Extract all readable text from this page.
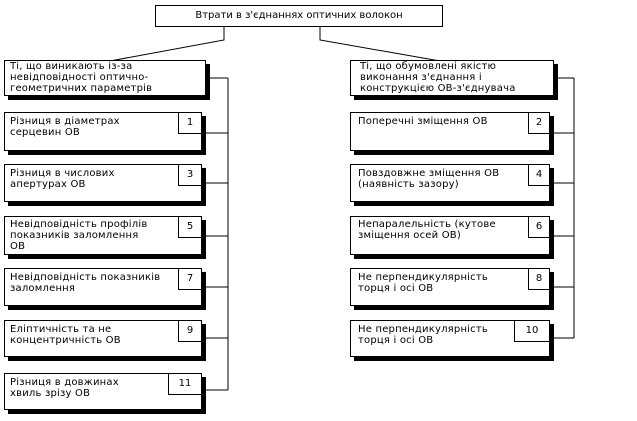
Втрати в з'єднаннях оптичних волокон
Ті, що виникають із-за
невідповідності оптично-
геометричних параметрів
Ті, що обумовлені якістю
виконання з'єднання і
конструкцією ОВ-з'єднувача
Різниця в діаметрах
серцевин ОВ
1
Різниця в числових
апертурах ОВ
3
Невідповідність профілів
показників заломлення
ОВ
5
Невідповідність показників
заломлення
7
Еліптичність та не
концентричність ОВ
9
Різниця в довжинах
хвиль зрізу ОВ
11
Поперечні зміщення ОВ	2
Повздовжне зміщення ОВ
(наявність зазору)
4
Непаралельність (кутове
зміщення осей ОВ)
6
Не перпендикулярність
торця і осі ОВ
8
Не перпендикулярність
торця і осі ОВ
10
